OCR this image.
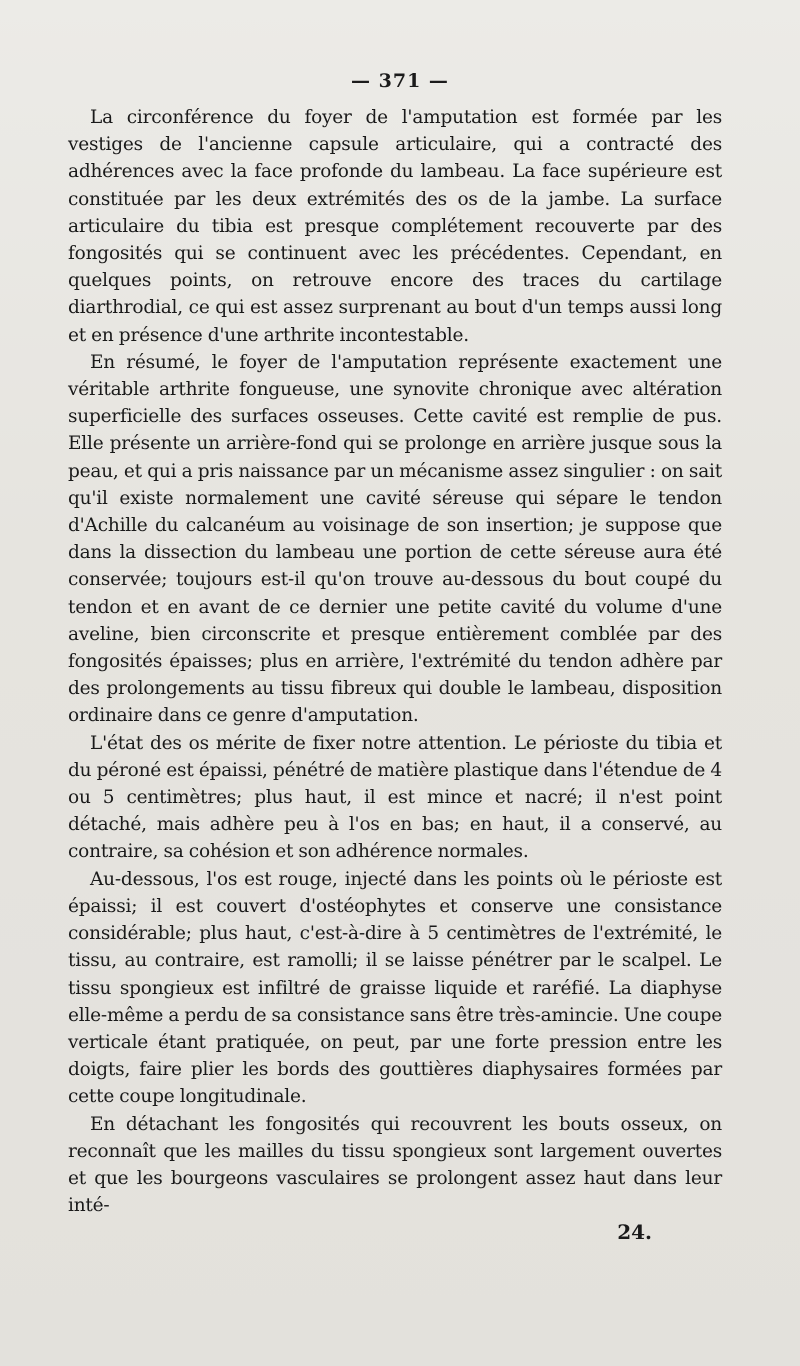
— 371 —

La circonférence du foyer de l'amputation est formée par les vestiges de l'ancienne capsule articulaire, qui a contracté des adhérences avec la face profonde du lambeau. La face supérieure est constituée par les deux extrémités des os de la jambe. La surface articulaire du tibia est presque complétement recouverte par des fongosités qui se continuent avec les précédentes. Cependant, en quelques points, on retrouve encore des traces du cartilage diarthrodial, ce qui est assez surprenant au bout d'un temps aussi long et en présence d'une arthrite incontestable.

En résumé, le foyer de l'amputation représente exactement une véritable arthrite fongueuse, une synovite chronique avec altération superficielle des surfaces osseuses. Cette cavité est remplie de pus. Elle présente un arrière-fond qui se prolonge en arrière jusque sous la peau, et qui a pris naissance par un mécanisme assez singulier : on sait qu'il existe normalement une cavité séreuse qui sépare le tendon d'Achille du calcanéum au voisinage de son insertion; je suppose que dans la dissection du lambeau une portion de cette séreuse aura été conservée; toujours est-il qu'on trouve au-dessous du bout coupé du tendon et en avant de ce dernier une petite cavité du volume d'une aveline, bien circonscrite et presque entièrement comblée par des fongosités épaisses; plus en arrière, l'extrémité du tendon adhère par des prolongements au tissu fibreux qui double le lambeau, disposition ordinaire dans ce genre d'amputation.

L'état des os mérite de fixer notre attention. Le périoste du tibia et du péroné est épaissi, pénétré de matière plastique dans l'étendue de 4 ou 5 centimètres; plus haut, il est mince et nacré; il n'est point détaché, mais adhère peu à l'os en bas; en haut, il a conservé, au contraire, sa cohésion et son adhérence normales.

Au-dessous, l'os est rouge, injecté dans les points où le périoste est épaissi; il est couvert d'ostéophytes et conserve une consistance considérable; plus haut, c'est-à-dire à 5 centimètres de l'extrémité, le tissu, au contraire, est ramolli; il se laisse pénétrer par le scalpel. Le tissu spongieux est infiltré de graisse liquide et raréfié. La diaphyse elle-même a perdu de sa consistance sans être très-amincie. Une coupe verticale étant pratiquée, on peut, par une forte pression entre les doigts, faire plier les bords des gouttières diaphysaires formées par cette coupe longitudinale.

En détachant les fongosités qui recouvrent les bouts osseux, on reconnaît que les mailles du tissu spongieux sont largement ouvertes et que les bourgeons vasculaires se prolongent assez haut dans leur inté-

24.
